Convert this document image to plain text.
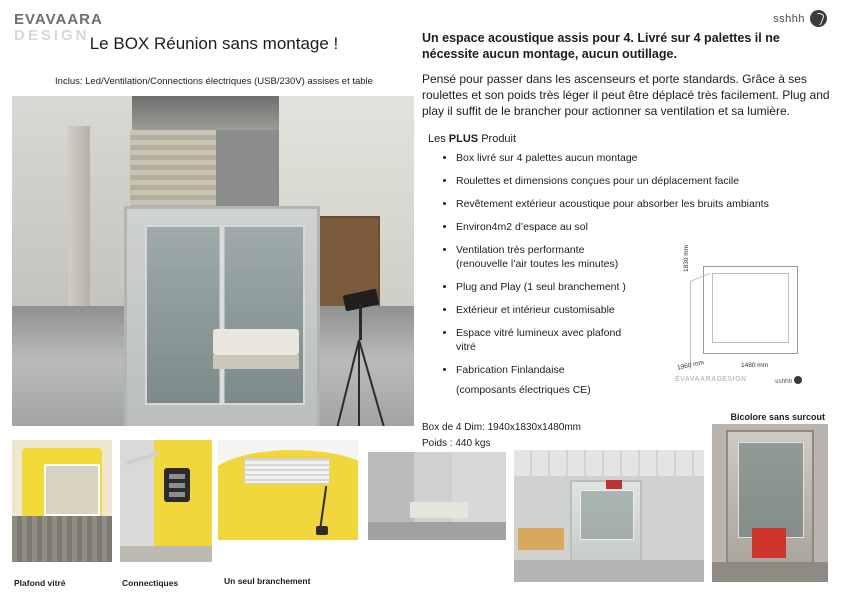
EVAVAARA
DESIGN
sshhh
Le BOX Réunion sans montage !
Inclus: Led/Ventilation/Connections électriques (USB/230V) assises et table
Un espace acoustique assis pour 4. Livré sur 4 palettes il ne nécessite aucun montage, aucun outillage.
Pensé pour passer dans les ascenseurs et porte standards. Grâce à ses roulettes et son poids très léger il peut être déplacé très facilement. Plug and play il suffit de le brancher pour actionner sa ventilation et sa lumière.
Les PLUS Produit
• Box livré sur 4 palettes aucun montage
• Roulettes et dimensions conçues pour un déplacement facile
• Revêtement extérieur acoustique pour absorber les bruits ambiants
• Environ4m2 d’espace au sol
• Ventilation très performante
(renouvelle l’air toutes les minutes)
• Plug and Play (1 seul branchement )
• Extérieur et intérieur customisable
• Espace vitré lumineux avec plafond
vitré
• Fabrication Finlandaise
(composants électriques CE)
1830 mm
1960 mm	1480 mm
EVAVAARADESIGN	sshhh
Box de 4 Dim: 1940x1830x1480mm
Poids : 440 kgs
Bicolore sans surcout
Plafond vitré	Connectiques	Un seul branchement
